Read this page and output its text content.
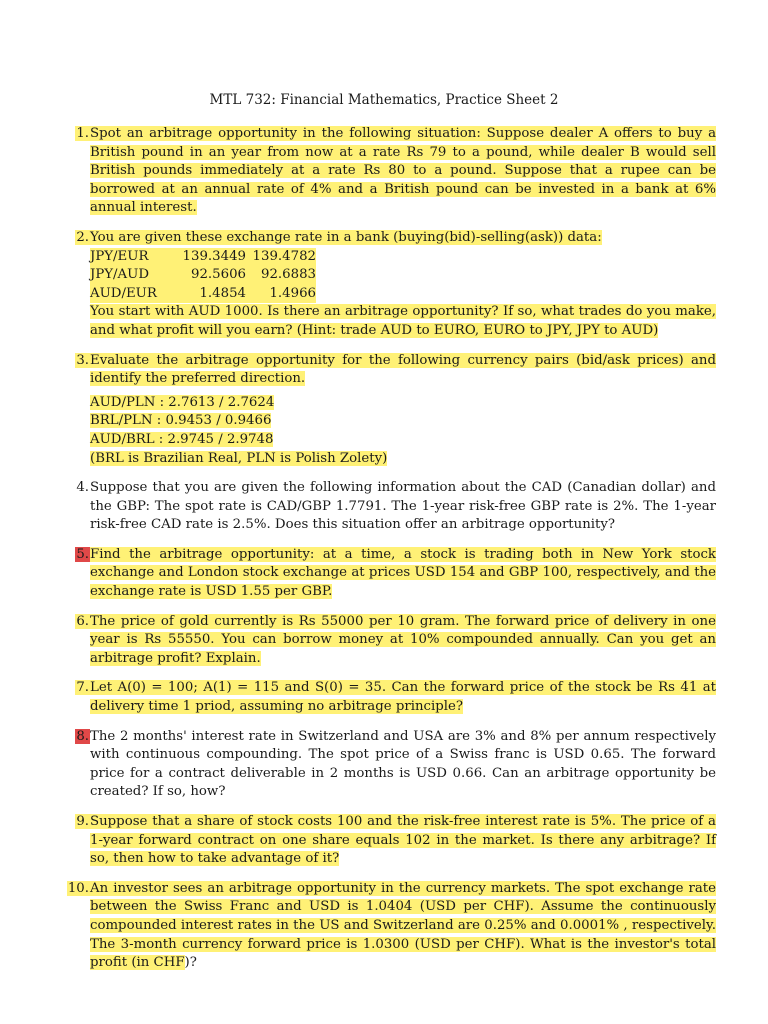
MTL 732: Financial Mathematics, Practice Sheet 2
1. Spot an arbitrage opportunity in the following situation: Suppose dealer A offers to buy a British pound in an year from now at a rate Rs 79 to a pound, while dealer B would sell British pounds immediately at a rate Rs 80 to a pound. Suppose that a rupee can be borrowed at an annual rate of 4% and a British pound can be invested in a bank at 6% annual interest.

2. You are given these exchange rate in a bank (buying(bid)-selling(ask)) data:

JPY/EUR	139.3449 139.4782
JPY/AUD	92.5606 92.6883
AUD/EUR	1.4854 1.4966

You start with AUD 1000. Is there an arbitrage opportunity? If so, what trades do you make, and what profit will you earn? (Hint: trade AUD to EURO, EURO to JPY, JPY to AUD)

3. Evaluate the arbitrage opportunity for the following currency pairs (bid/ask prices) and identify the preferred direction.

AUD/PLN : 2.7613 / 2.7624
BRL/PLN : 0.9453 / 0.9466
AUD/BRL : 2.9745 / 2.9748
(BRL is Brazilian Real, PLN is Polish Zolety)
4. Suppose that you are given the following information about the CAD (Canadian dollar) and the GBP: The spot rate is CAD/GBP 1.7791. The 1-year risk-free GBP rate is 2%. The 1-year risk-free CAD rate is 2.5%. Does this situation offer an arbitrage opportunity?

5. Find the arbitrage opportunity: at a time, a stock is trading both in New York stock exchange and London stock exchange at prices USD 154 and GBP 100, respectively, and the exchange rate is USD 1.55 per GBP.

6. The price of gold currently is Rs 55000 per 10 gram. The forward price of delivery in one year is Rs 55550. You can borrow money at 10% compounded annually. Can you get an arbitrage profit? Explain.

7. Let A(0) = 100; A(1) = 115 and S(0) = 35. Can the forward price of the stock be Rs 41 at delivery time 1 priod, assuming no arbitrage principle?

8. The 2 months' interest rate in Switzerland and USA are 3% and 8% per annum respectively with continuous compounding. The spot price of a Swiss franc is USD 0.65. The forward price for a contract deliverable in 2 months is USD 0.66. Can an arbitrage opportunity be created? If so, how?

9. Suppose that a share of stock costs 100 and the risk-free interest rate is 5%. The price of a 1-year forward contract on one share equals 102 in the market. Is there any arbitrage? If so, then how to take advantage of it?

10. An investor sees an arbitrage opportunity in the currency markets. The spot exchange rate between the Swiss Franc and USD is 1.0404 (USD per CHF). Assume the continuously compounded interest rates in the US and Switzerland are 0.25% and 0.0001% , respectively. The 3-month currency forward price is 1.0300 (USD per CHF). What is the investor's total profit (in CHF)?
